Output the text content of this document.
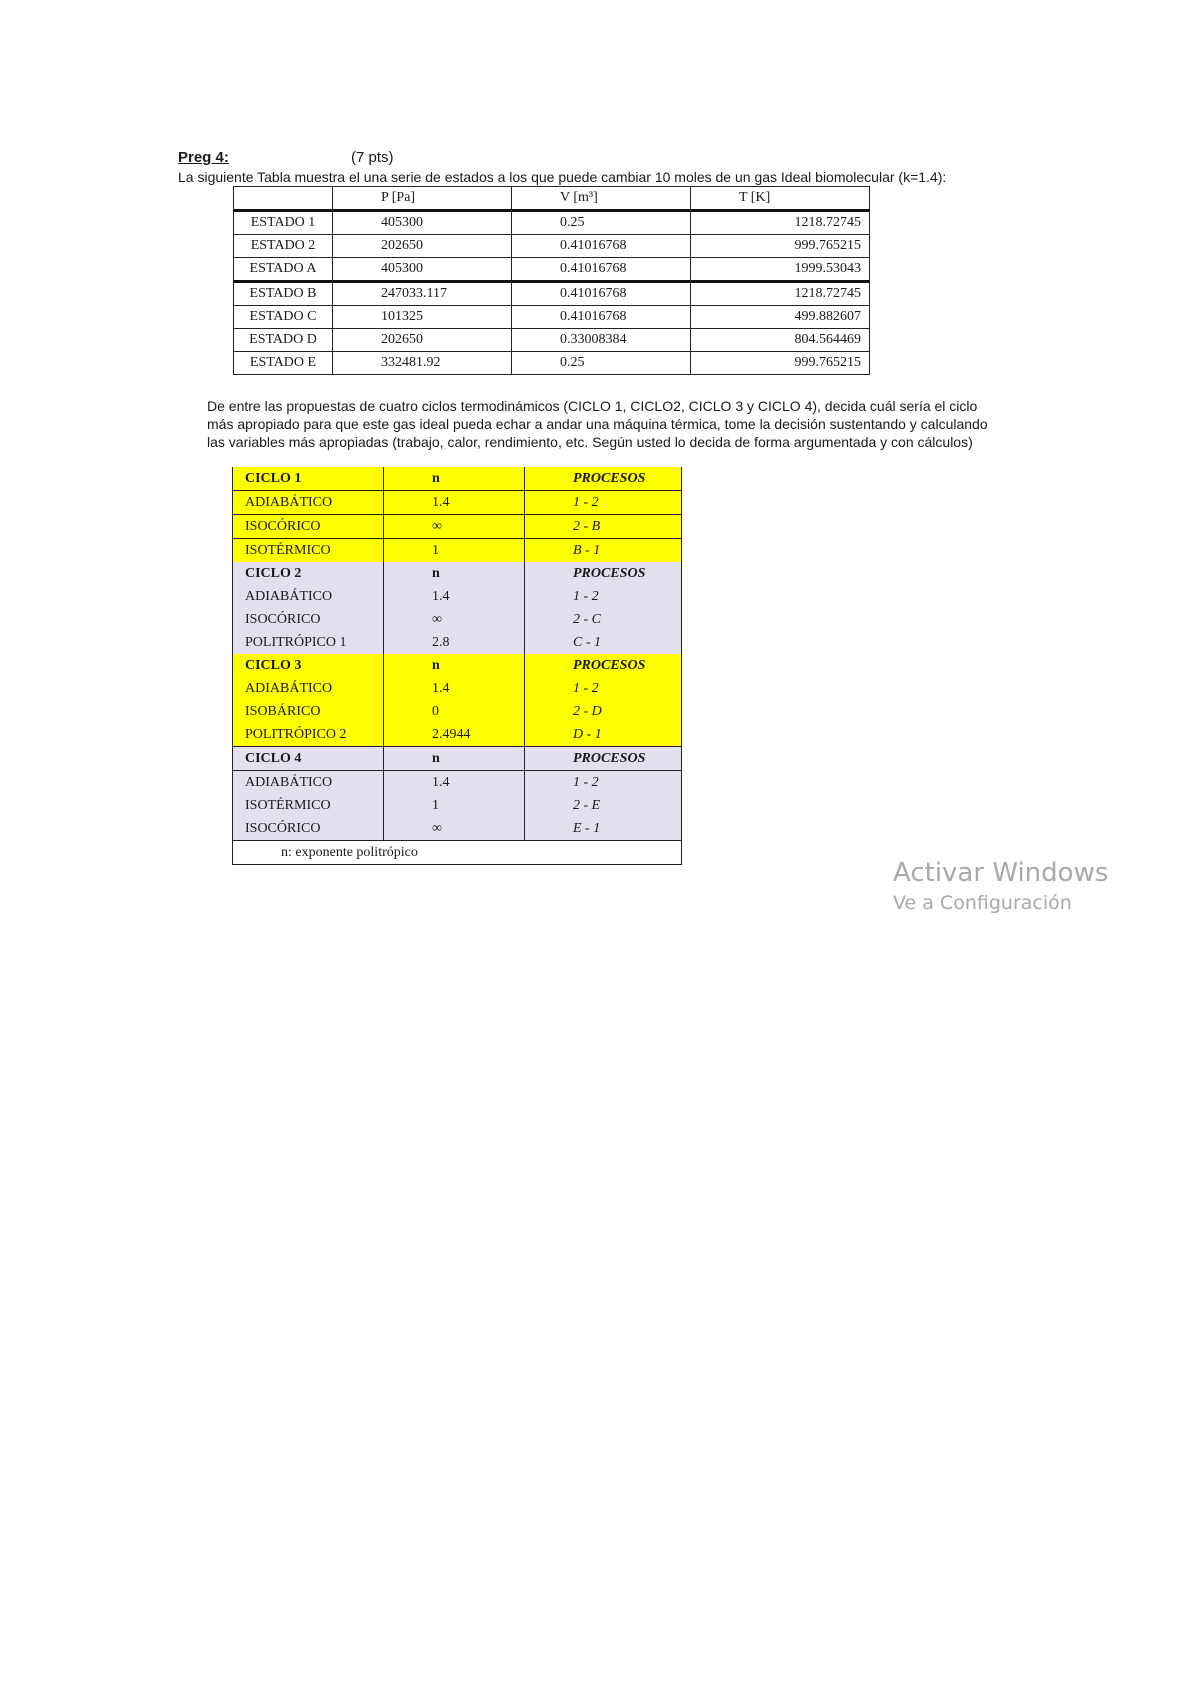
Preg 4:	(7 pts)
La siguiente Tabla muestra el una serie de estados a los que puede cambiar 10 moles de un gas Ideal biomolecular (k=1.4):
	P [Pa]	V [m³]	T [K]
ESTADO 1	405300	0.25	1218.72745
ESTADO 2	202650	0.41016768	999.765215
ESTADO A	405300	0.41016768	1999.53043
ESTADO B	247033.117	0.41016768	1218.72745
ESTADO C	101325	0.41016768	499.882607
ESTADO D	202650	0.33008384	804.564469
ESTADO E	332481.92	0.25	999.765215
De entre las propuestas de cuatro ciclos termodinámicos (CICLO 1, CICLO2, CICLO 3 y CICLO 4), decida cuál sería el ciclo más apropiado para que este gas ideal pueda echar a andar una máquina térmica, tome la decisión sustentando y calculando las variables más apropiadas (trabajo, calor, rendimiento, etc. Según usted lo decida de forma argumentada y con cálculos)
CICLO 1	n	PROCESOS
ADIABÁTICO	1.4	1 - 2
ISOCÓRICO	∞	2 - B
ISOTÉRMICO	1	B - 1
CICLO 2	n	PROCESOS
ADIABÁTICO	1.4	1 - 2
ISOCÓRICO	∞	2 - C
POLITRÓPICO 1	2.8	C - 1
CICLO 3	n	PROCESOS
ADIABÁTICO	1.4	1 - 2
ISOBÁRICO	0	2 - D
POLITRÓPICO 2	2.4944	D - 1
CICLO 4	n	PROCESOS
ADIABÁTICO	1.4	1 - 2
ISOTÉRMICO	1	2 - E
ISOCÓRICO	∞	E - 1
n: exponente politrópico		
Activar Windows
Ve a Configuración
